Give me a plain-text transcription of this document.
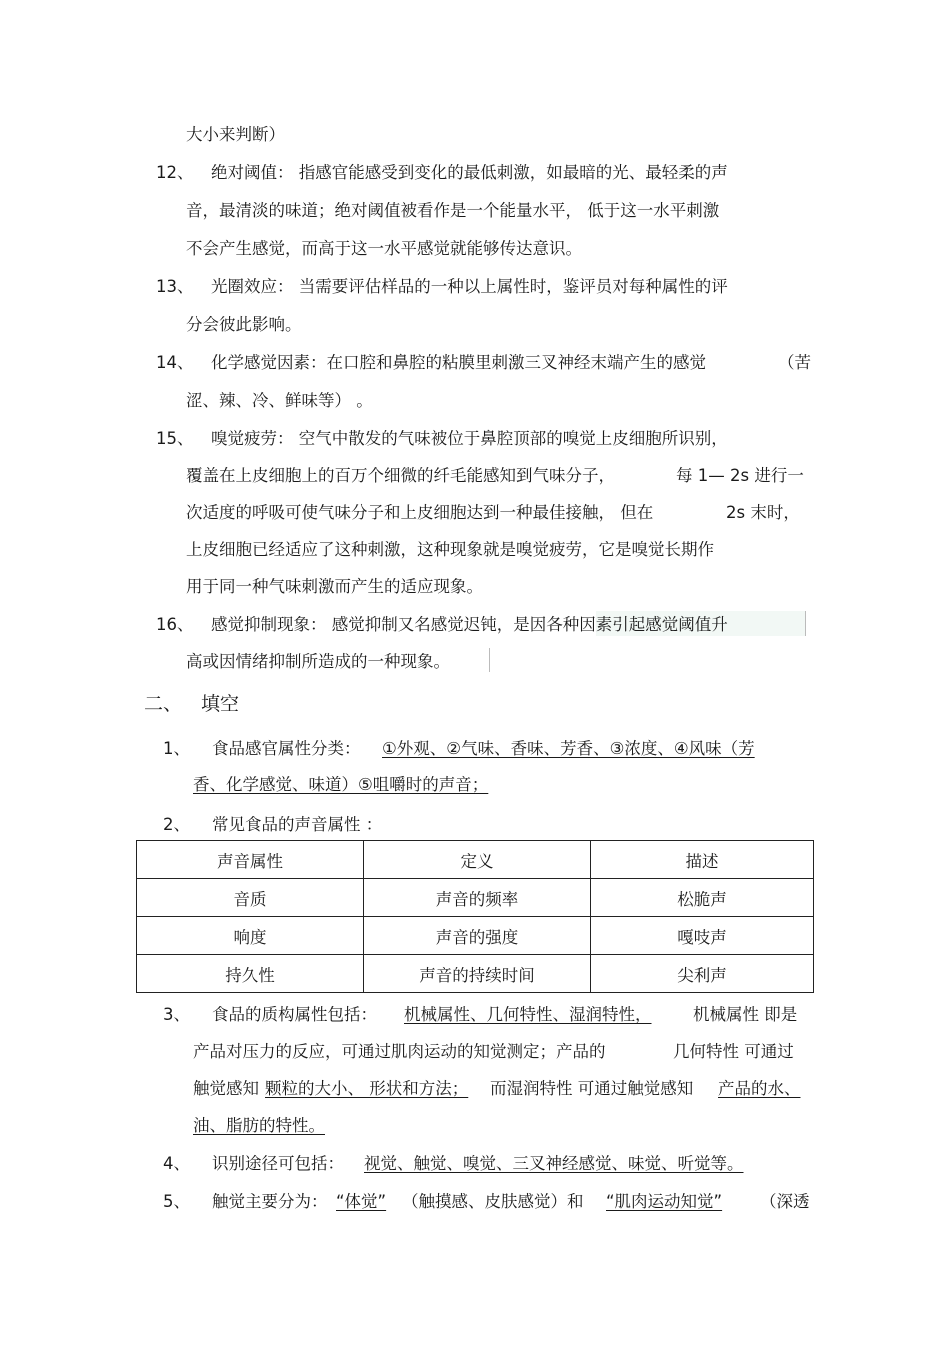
大小来判断）
12、 绝对阈值： 指感官能感受到变化的最低刺激，如最暗的光、最轻柔的声
音，最清淡的味道；绝对阈值被看作是一个能量水平， 低于这一水平刺激
不会产生感觉，而高于这一水平感觉就能够传达意识。
13、 光圈效应： 当需要评估样品的一种以上属性时，鉴评员对每种属性的评
分会彼此影响。
14、 化学感觉因素：在口腔和鼻腔的粘膜里刺激三叉神经末端产生的感觉	（苦
涩、辣、冷、鲜味等） 。
15、 嗅觉疲劳： 空气中散发的气味被位于鼻腔顶部的嗅觉上皮细胞所识别，
覆盖在上皮细胞上的百万个细微的纤毛能感知到气味分子，	每 1— 2s 进行一
次适度的呼吸可使气味分子和上皮细胞达到一种最佳接触， 但在	2s 末时，
上皮细胞已经适应了这种刺激，这种现象就是嗅觉疲劳，它是嗅觉长期作
用于同一种气味刺激而产生的适应现象。
16、 感觉抑制现象： 感觉抑制又名感觉迟钝，是因各种因素引起感觉阈值升
高或因情绪抑制所造成的一种现象。
二、 填空
1、 食品感官属性分类： ①外观、②气味、香味、芳香、③浓度、④风味（芳
香、化学感觉、味道）⑤咀嚼时的声音；
2、 常见食品的声音属性 ：
声音属性	定义	描述
音质	声音的频率	松脆声
响度	声音的强度	嘎吱声
持久性	声音的持续时间	尖利声
3、 食品的质构属性包括： 机械属性、几何特性、湿润特性，	机械属性 即是
产品对压力的反应，可通过肌肉运动的知觉测定；产品的	几何特性 可通过
触觉感知 颗粒的大小、 形状和方法； 而湿润特性 可通过触觉感知 产品的水、
油、脂肪的特性。
4、 识别途径可包括： 视觉、触觉、嗅觉、三叉神经感觉、味觉、听觉等。
5、 触觉主要分为： “体觉” （触摸感、皮肤感觉）和 “肌肉运动知觉” （深透
